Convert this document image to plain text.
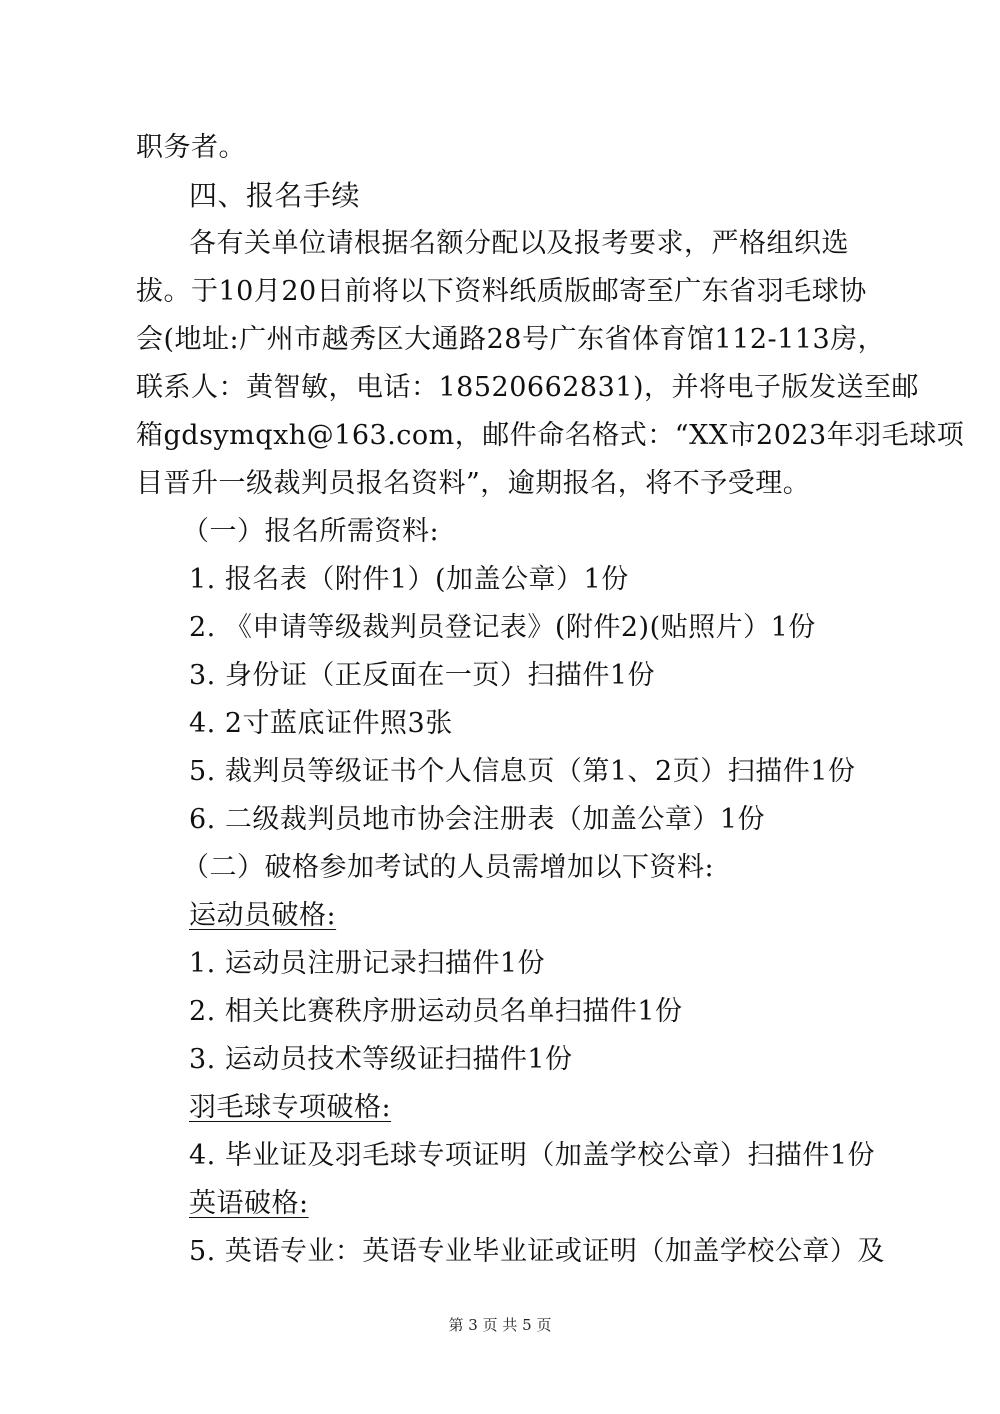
职务者。
四、报名手续
各有关单位请根据名额分配以及报考要求，严格组织选
拔。于10月20日前将以下资料纸质版邮寄至广东省羽毛球协
会(地址:广州市越秀区大通路28号广东省体育馆112-113房，
联系人：黄智敏，电话：18520662831)，并将电子版发送至邮
箱gdsymqxh@163.com，邮件命名格式：“XX市2023年羽毛球项
目晋升一级裁判员报名资料”，逾期报名，将不予受理。
（一）报名所需资料:
1. 报名表（附件1）(加盖公章）1份
2. 《申请等级裁判员登记表》(附件2)(贴照片）1份
3. 身份证（正反面在一页）扫描件1份
4. 2寸蓝底证件照3张
5. 裁判员等级证书个人信息页（第1、2页）扫描件1份
6. 二级裁判员地市协会注册表（加盖公章）1份
（二）破格参加考试的人员需增加以下资料:
运动员破格:
1. 运动员注册记录扫描件1份
2. 相关比赛秩序册运动员名单扫描件1份
3. 运动员技术等级证扫描件1份
羽毛球专项破格:
4. 毕业证及羽毛球专项证明（加盖学校公章）扫描件1份
英语破格:
5. 英语专业：英语专业毕业证或证明（加盖学校公章）及
第 3 页 共 5 页
